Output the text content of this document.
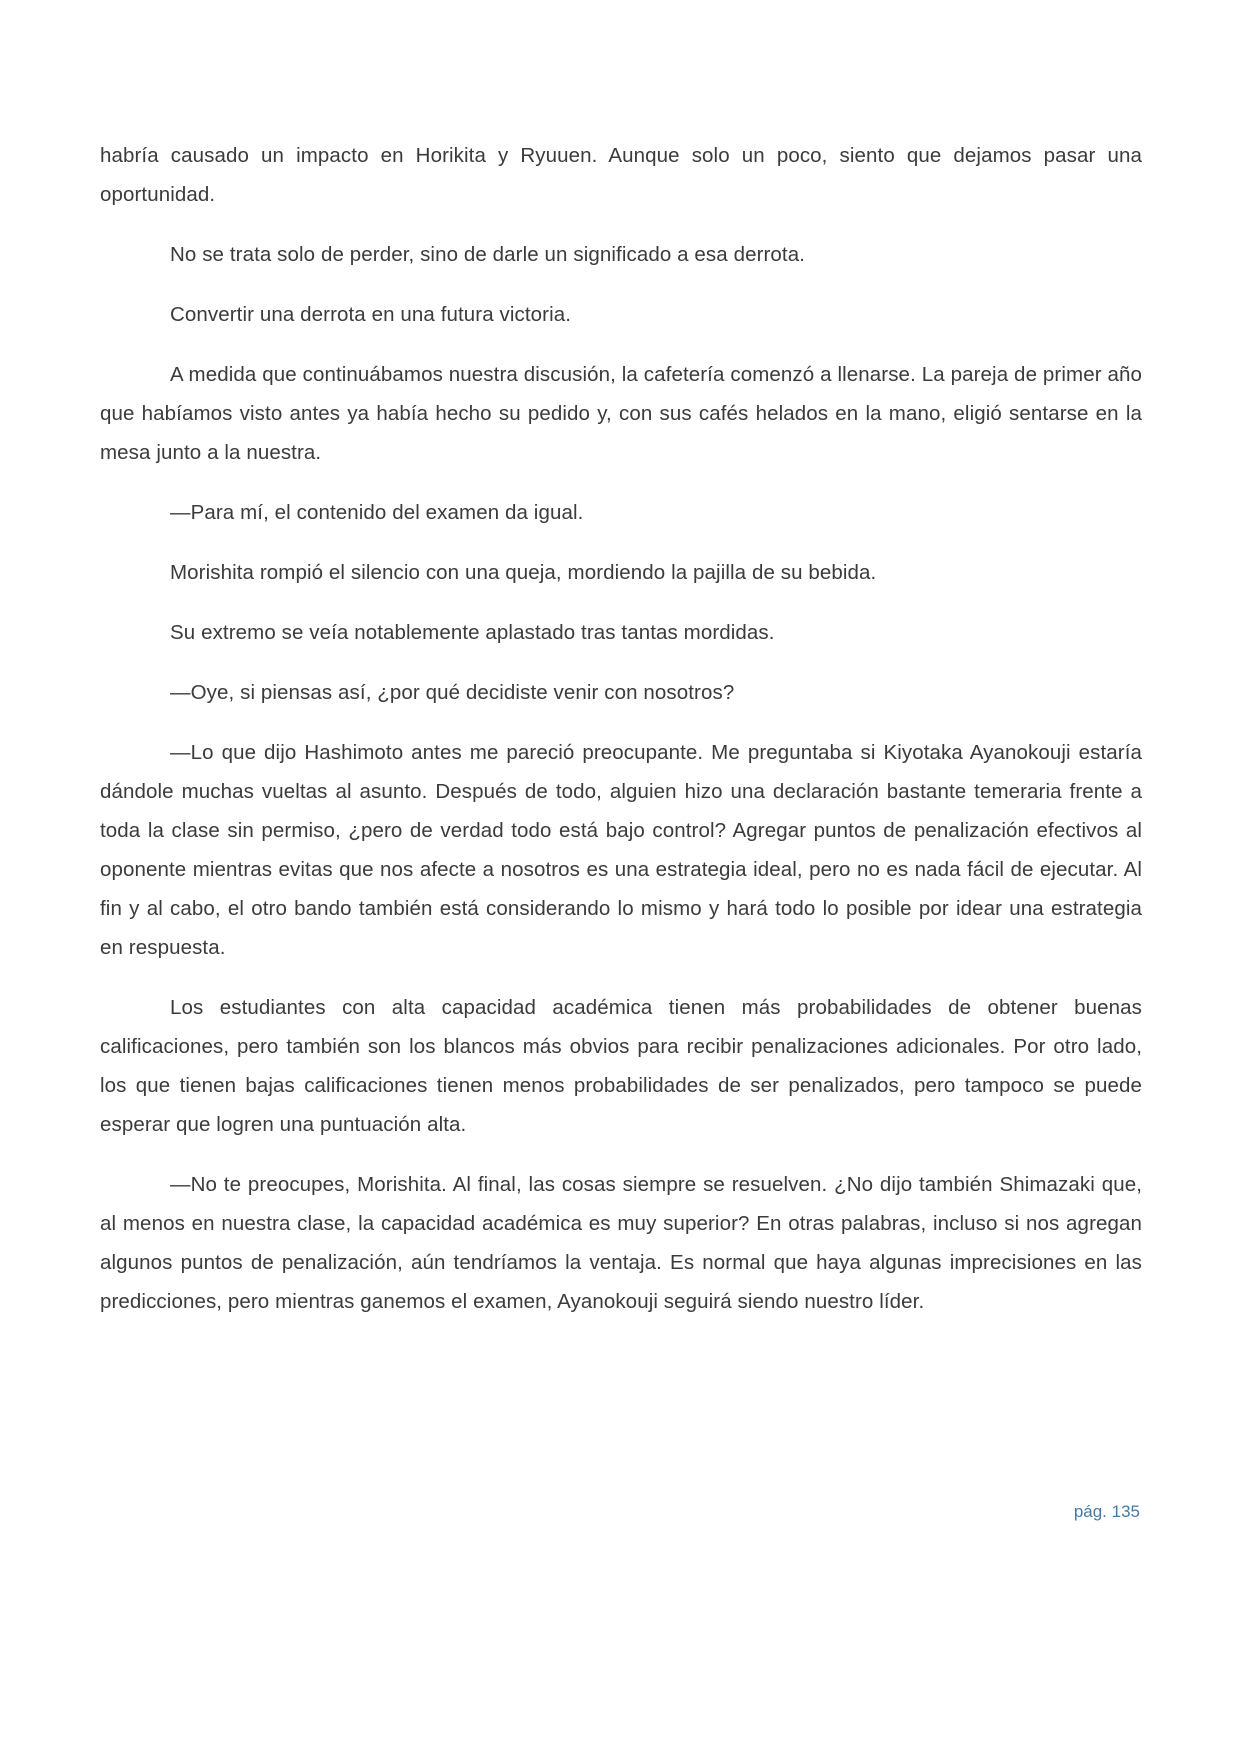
habría causado un impacto en Horikita y Ryuuen. Aunque solo un poco, siento que dejamos pasar una oportunidad.

No se trata solo de perder, sino de darle un significado a esa derrota.

Convertir una derrota en una futura victoria.

A medida que continuábamos nuestra discusión, la cafetería comenzó a llenarse. La pareja de primer año que habíamos visto antes ya había hecho su pedido y, con sus cafés helados en la mano, eligió sentarse en la mesa junto a la nuestra.

—Para mí, el contenido del examen da igual.

Morishita rompió el silencio con una queja, mordiendo la pajilla de su bebida.

Su extremo se veía notablemente aplastado tras tantas mordidas.

—Oye, si piensas así, ¿por qué decidiste venir con nosotros?

—Lo que dijo Hashimoto antes me pareció preocupante. Me preguntaba si Kiyotaka Ayanokouji estaría dándole muchas vueltas al asunto. Después de todo, alguien hizo una declaración bastante temeraria frente a toda la clase sin permiso, ¿pero de verdad todo está bajo control? Agregar puntos de penalización efectivos al oponente mientras evitas que nos afecte a nosotros es una estrategia ideal, pero no es nada fácil de ejecutar. Al fin y al cabo, el otro bando también está considerando lo mismo y hará todo lo posible por idear una estrategia en respuesta.

Los estudiantes con alta capacidad académica tienen más probabilidades de obtener buenas calificaciones, pero también son los blancos más obvios para recibir penalizaciones adicionales. Por otro lado, los que tienen bajas calificaciones tienen menos probabilidades de ser penalizados, pero tampoco se puede esperar que logren una puntuación alta.

—No te preocupes, Morishita. Al final, las cosas siempre se resuelven. ¿No dijo también Shimazaki que, al menos en nuestra clase, la capacidad académica es muy superior? En otras palabras, incluso si nos agregan algunos puntos de penalización, aún tendríamos la ventaja. Es normal que haya algunas imprecisiones en las predicciones, pero mientras ganemos el examen, Ayanokouji seguirá siendo nuestro líder.

pág. 135
